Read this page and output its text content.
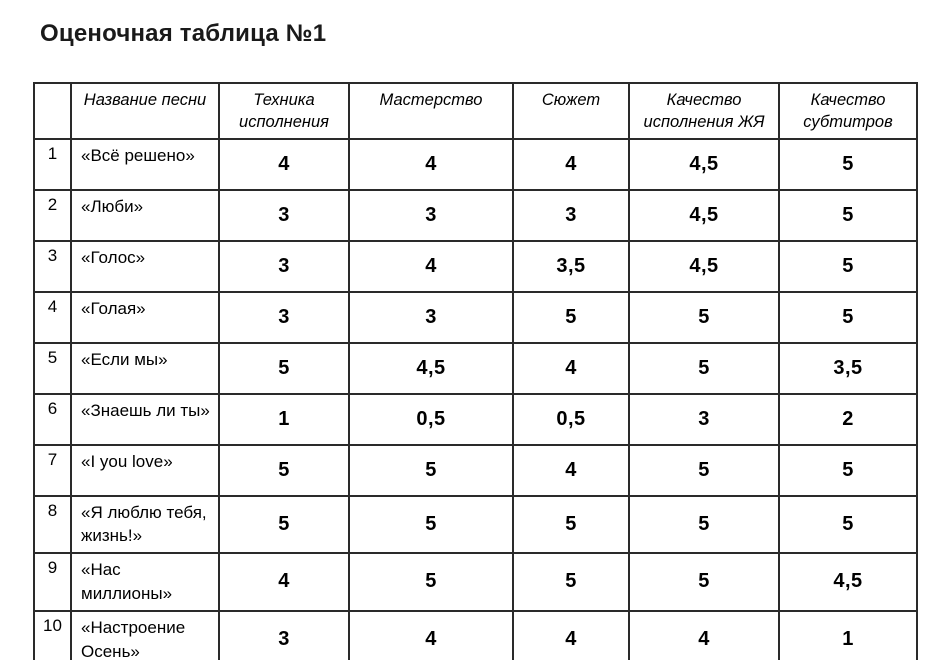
Оценочная таблица №1
	Название песни	Техника исполнения	Мастерство	Сюжет	Качество исполнения ЖЯ	Качество субтитров
1	«Всё решено»	4	4	4	4,5	5
2	«Люби»	3	3	3	4,5	5
3	«Голос»	3	4	3,5	4,5	5
4	«Голая»	3	3	5	5	5
5	«Если мы»	5	4,5	4	5	3,5
6	«Знаешь ли ты»	1	0,5	0,5	3	2
7	«I you love»	5	5	4	5	5
8	«Я люблю тебя, жизнь!»	5	5	5	5	5
9	«Нас миллионы»	4	5	5	5	4,5
10	«Настроение Осень»	3	4	4	4	1
